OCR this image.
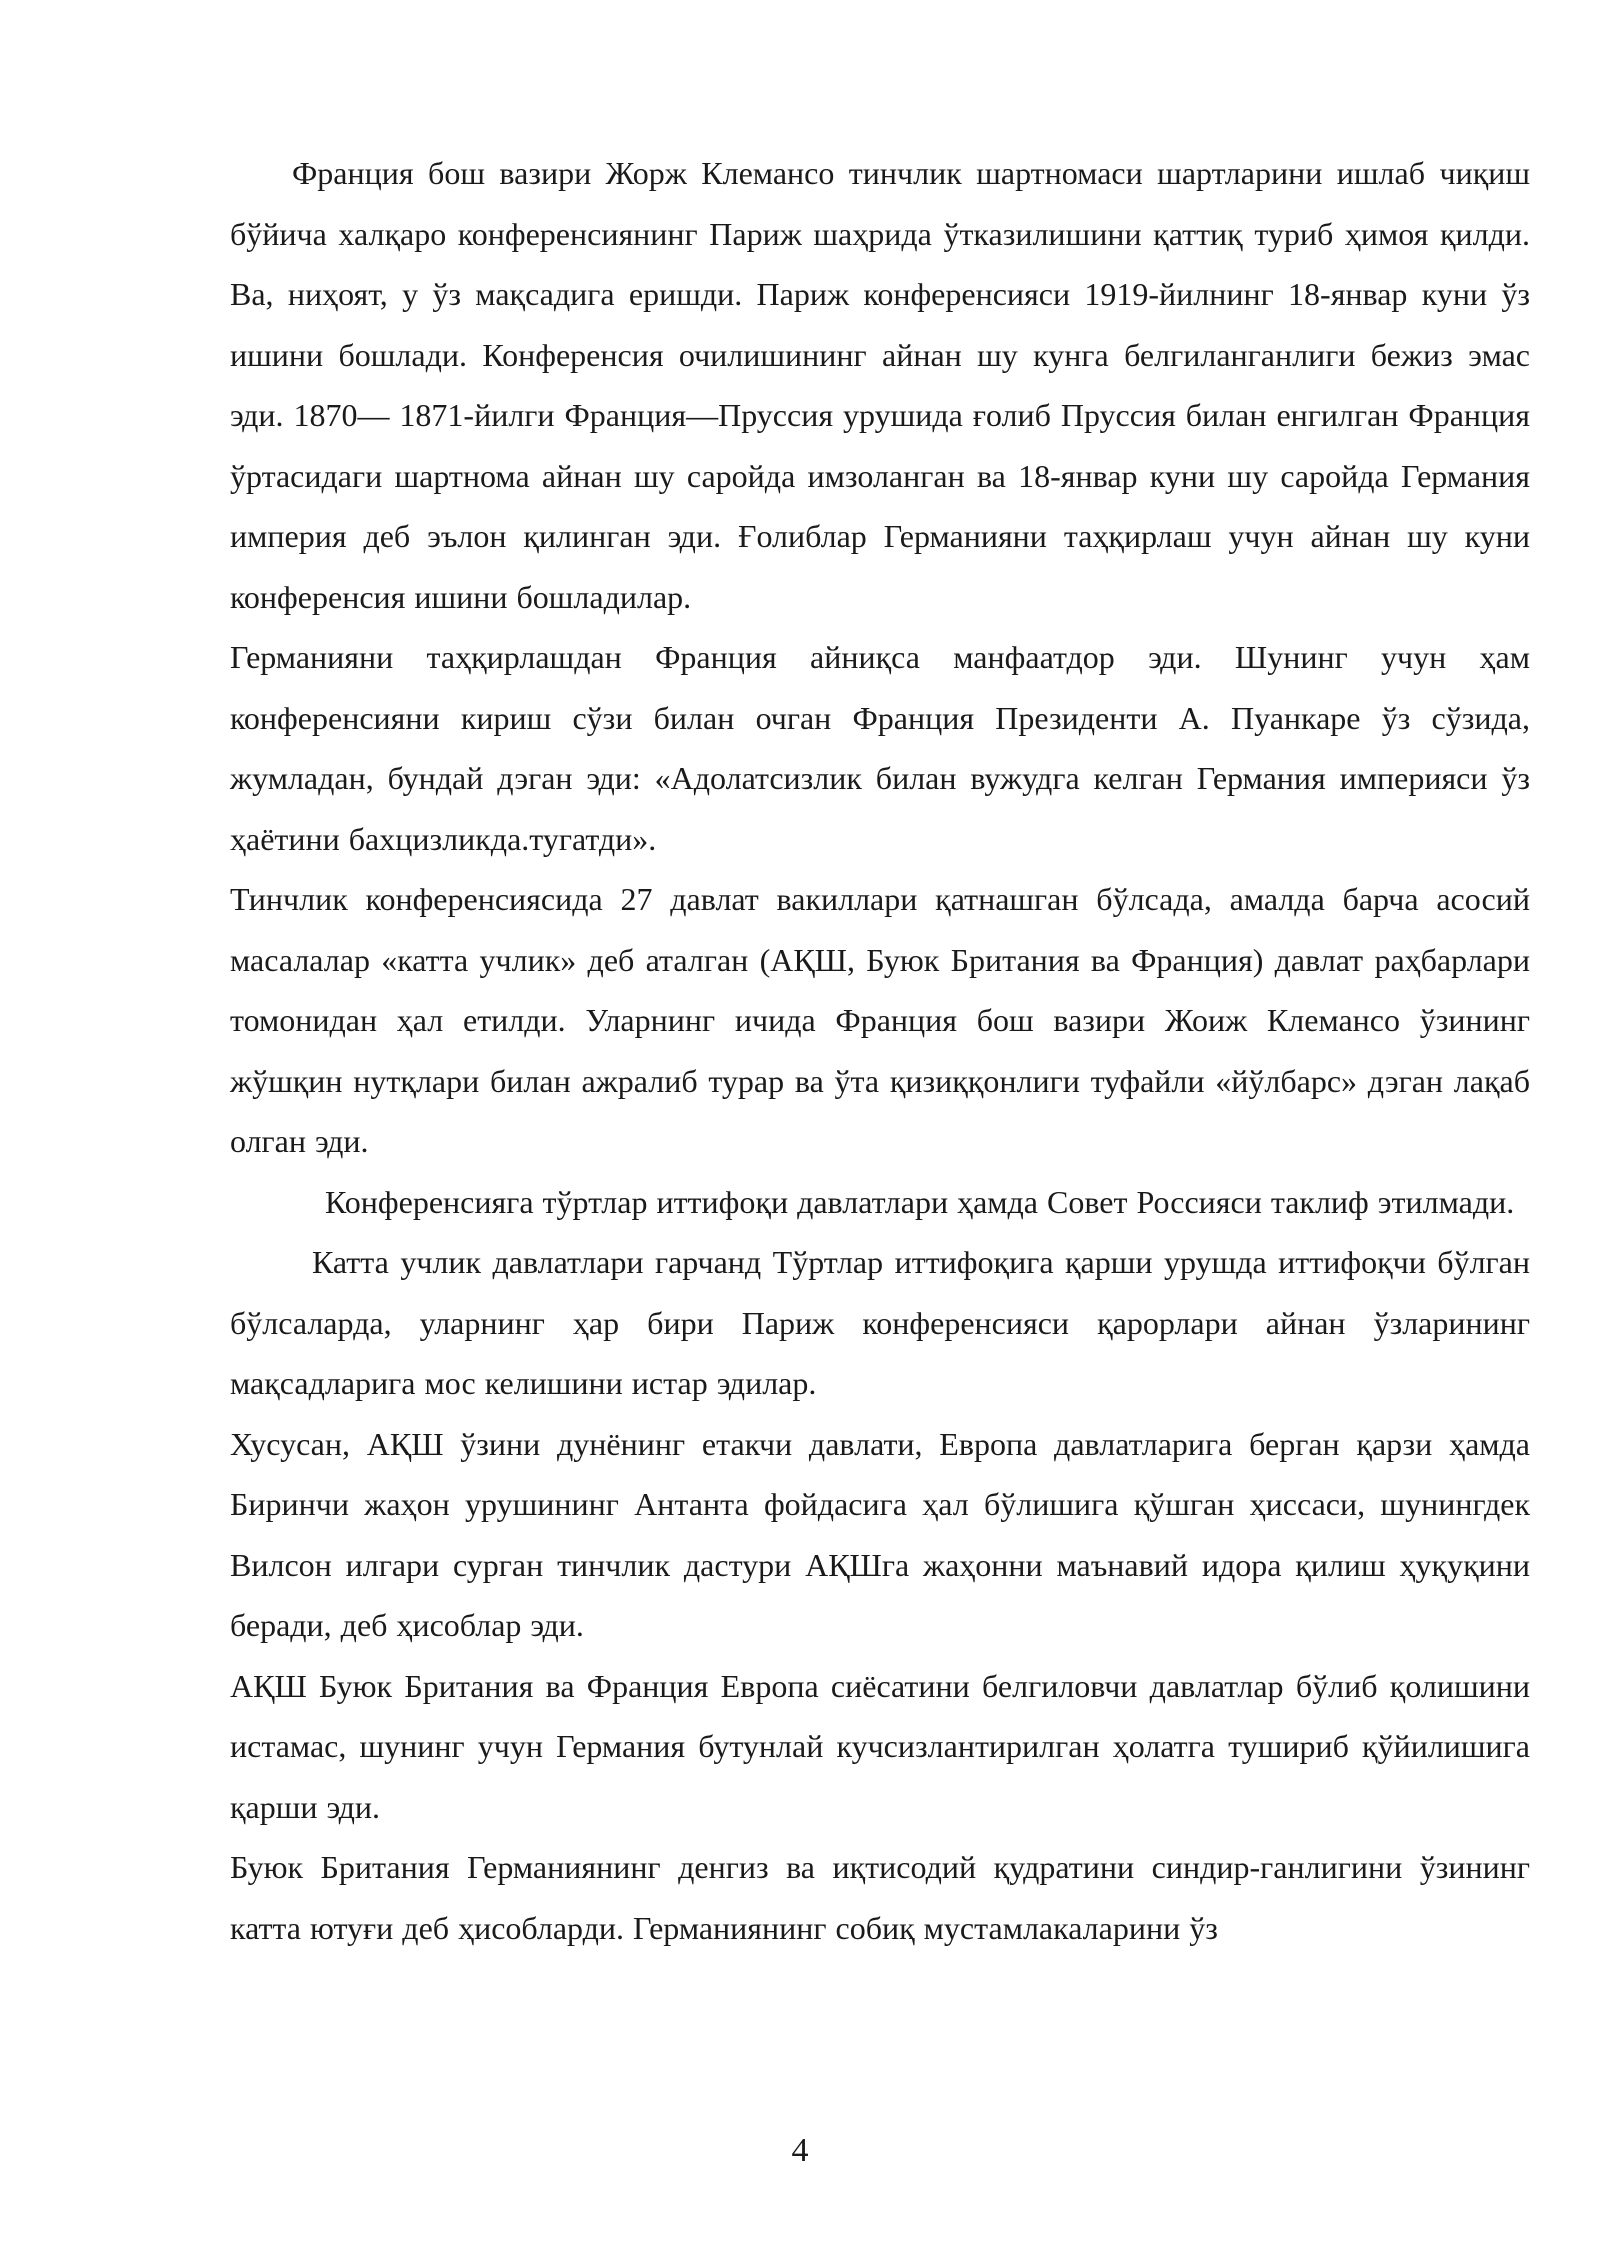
Франция бош вазири Жорж Клемансо тинчлик шартномаси шартларини ишлаб чиқиш бўйича халқаро конференсиянинг Париж шаҳрида ўтказилишини қаттиқ туриб ҳимоя қилди. Ва, ниҳоят, у ўз мақсадига еришди. Париж конференсияси 1919-йилнинг 18-январ куни ўз ишини бошлади. Конференсия очилишининг айнан шу кунга белгиланганлиги бежиз эмас эди. 1870— 1871-йилги Франция—Пруссия урушида ғолиб Пруссия билан енгилган Франция ўртасидаги шартнома айнан шу саройда имзоланган ва 18-январ куни шу саройда Германия империя деб эълон қилинган эди. Ғолиблар Германияни таҳқирлаш учун айнан шу куни конференсия ишини бошладилар.

Германияни таҳқирлашдан Франция айниқса манфаатдор эди. Шунинг учун ҳам конференсияни кириш сўзи билан очган Франция Президенти А. Пуанкаре ўз сўзида, жумладан, бундай дэган эди: «Адолатсизлик билан вужудга келган Германия империяси ўз ҳаётини бахцизликда.тугатди».

Тинчлик конференсиясида 27 давлат вакиллари қатнашган бўлсада, амалда барча асосий масалалар «катта учлик» деб аталган (АҚШ, Буюк Британия ва Франция) давлат раҳбарлари томонидан ҳал етилди. Уларнинг ичида Франция бош вазири Жоиж Клемансо ўзининг жўшқин нутқлари билан ажралиб турар ва ўта қизиққонлиги туфайли «йўлбарс» дэган лақаб олган эди.

Конференсияга тўртлар иттифоқи давлатлари ҳамда Совет Россияси таклиф этилмади.

Катта учлик давлатлари гарчанд Тўртлар иттифоқига қарши урушда иттифоқчи бўлган бўлсаларда, уларнинг ҳар бири Париж конференсияси қарорлари айнан ўзларининг мақсадларига мос келишини истар эдилар.

Хусусан, АҚШ ўзини дунёнинг етакчи давлати, Европа давлатларига берган қарзи ҳамда Биринчи жаҳон урушининг Антанта фойдасига ҳал бўлишига қўшган ҳиссаси, шунингдек Вилсон илгари сурган тинчлик дастури АҚШга жаҳонни маънавий идора қилиш ҳуқуқини беради, деб ҳисоблар эди.

АҚШ Буюк Британия ва Франция Европа сиёсатини белгиловчи давлатлар бўлиб қолишини истамас, шунинг учун Германия бутунлай кучсизлантирилган ҳолатга тушириб қўйилишига қарши эди.

Буюк Британия Германиянинг денгиз ва иқтисодий қудратини синдир-ганлигини ўзининг катта ютуғи деб ҳисобларди. Германиянинг собиқ мустамлакаларини ўз

4
